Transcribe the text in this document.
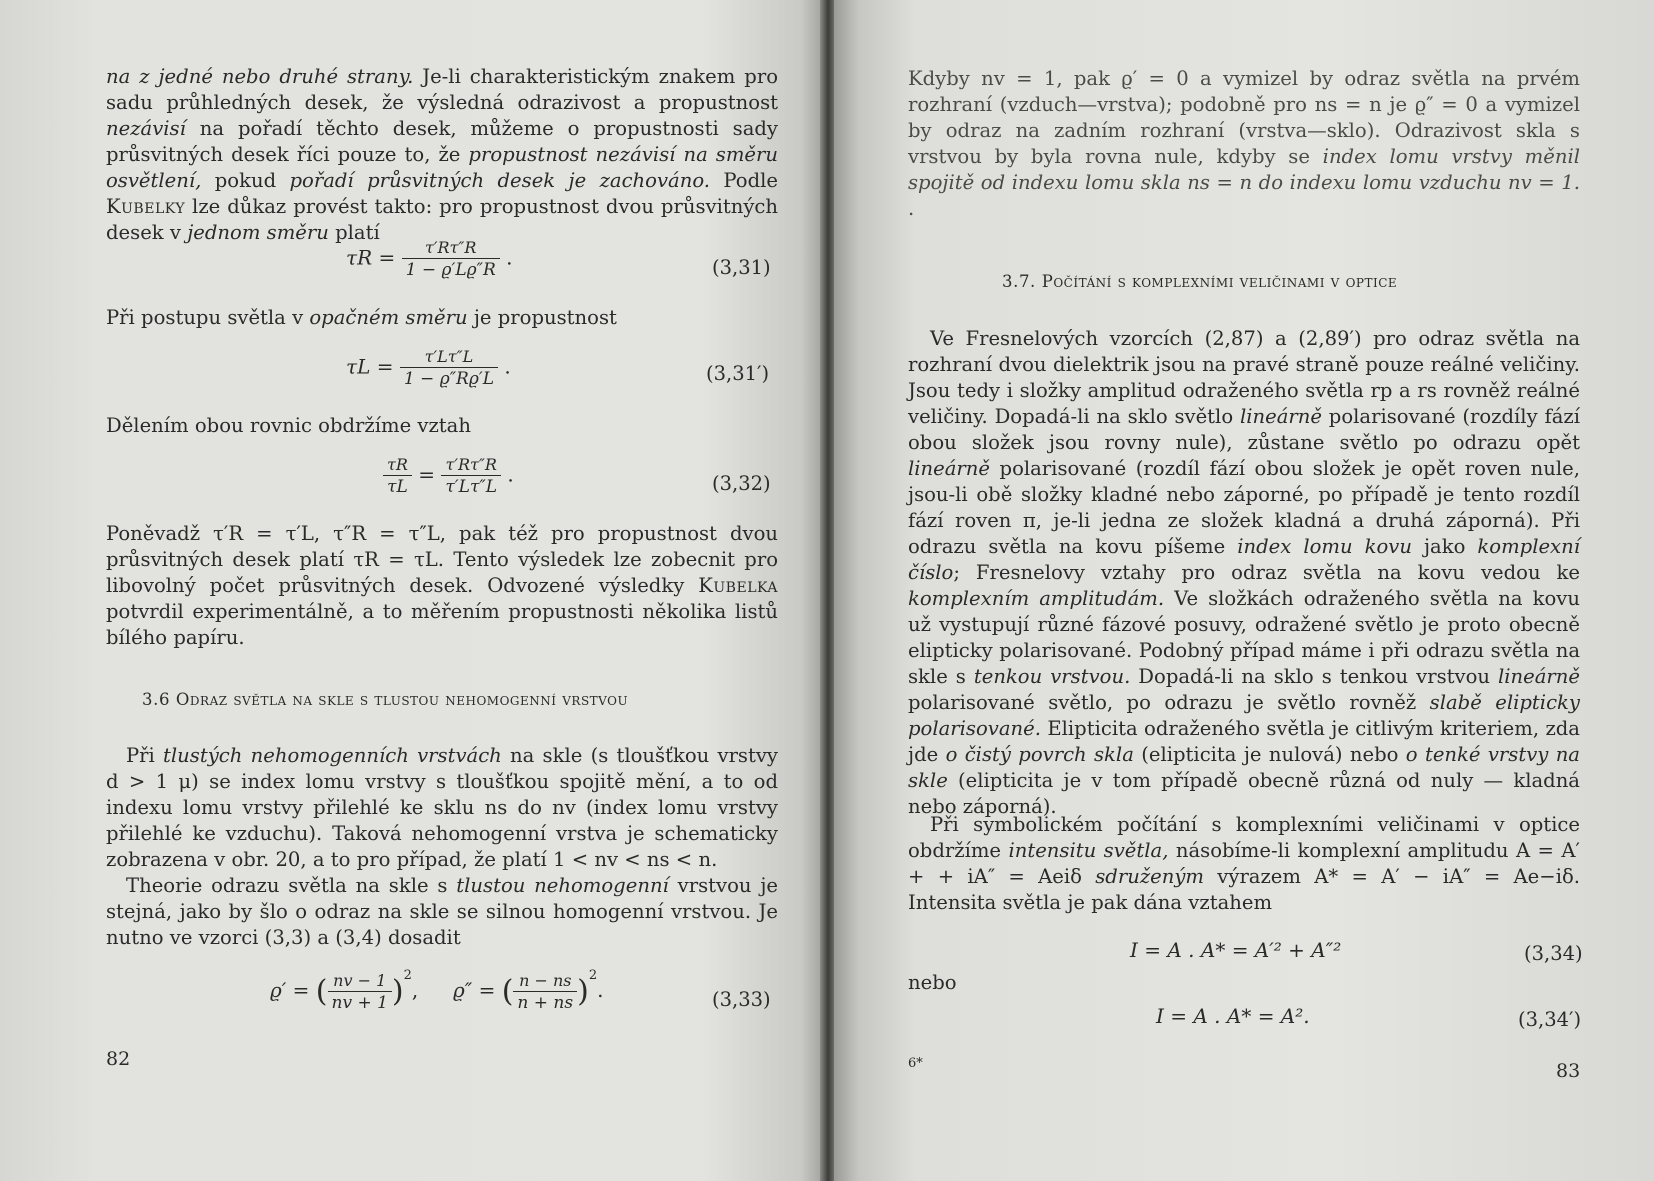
na z jedné nebo druhé strany. Je-li charakteristickým znakem pro sadu průhledných desek, že výsledná odrazivost a propustnost nezávisí na pořadí těchto desek, můžeme o propustnosti sady průsvitných desek říci pouze to, že propustnost nezávisí na směru osvětlení, pokud pořadí průsvitných desek je zachováno. Podle Kubelky lze důkaz provést takto: pro propustnost dvou průsvitných desek v jednom směru platí

$\tau R = \frac{\tau'R\tau''R}{1 - ϱ'Lϱ''R}$ .	(3,31)

Při postupu světla v opačném směru je propustnost

$\tau L = \frac{\tau'L\tau''L}{1 - ϱ''Rϱ'L}$ .	(3,31′)

Dělením obou rovnic obdržíme vztah

$\frac{\tau R}{\tau L} = \frac{\tau'R\tau''R}{\tau'L\tau''L}$ .	(3,32)

Poněvadž τ′R = τ′L, τ″R = τ″L, pak též pro propustnost dvou průsvitných desek platí τR = τL. Tento výsledek lze zobecnit pro libovolný počet průsvitných desek. Odvozené výsledky Kubelka potvrdil experimentálně, a to měřením propustnosti několika listů bílého papíru.

3.6 Odraz světla na skle s tlustou nehomogenní vrstvou

Při tlustých nehomogenních vrstvách na skle (s tloušťkou vrstvy d > 1 μ) se index lomu vrstvy s tloušťkou spojitě mění, a to od indexu lomu vrstvy přilehlé ke sklu ns do nv (index lomu vrstvy přilehlé ke vzduchu). Taková nehomogenní vrstva je schematicky zobrazena v obr. 20, a to pro případ, že platí 1 < nv < ns < n.

Theorie odrazu světla na skle s tlustou nehomogenní vrstvou je stejná, jako by šlo o odraz na skle se silnou homogenní vrstvou. Je nutno ve vzorci (3,3) a (3,4) dosadit

ϱ′ = ( $\frac{nv - 1}{nv + 1} )^2$, ϱ″ = ( $\frac{n - ns}{n + ns} )^2$.	(3,33)
82

Kdyby nv = 1, pak ϱ′ = 0 a vymizel by odraz světla na prvém rozhraní (vzduch—vrstva); podobně pro ns = n je ϱ″ = 0 a vymizel by odraz na zadním rozhraní (vrstva—sklo). Odrazivost skla s vrstvou by byla rovna nule, kdyby se index lomu vrstvy měnil spojitě od indexu lomu skla ns = n do indexu lomu vzduchu nv = 1. .

3.7. Počítání s komplexními veličinami v optice

Ve Fresnelových vzorcích (2,87) a (2,89′) pro odraz světla na rozhraní dvou dielektrik jsou na pravé straně pouze reálné veličiny. Jsou tedy i složky amplitud odraženého světla rp a rs rovněž reálné veličiny. Dopadá-li na sklo světlo lineárně polarisované (rozdíly fází obou složek jsou rovny nule), zůstane světlo po odrazu opět lineárně polarisované (rozdíl fází obou složek je opět roven nule, jsou-li obě složky kladné nebo záporné, po případě je tento rozdíl fází roven π, je-li jedna ze složek kladná a druhá záporná). Při odrazu světla na kovu píšeme index lomu kovu jako komplexní číslo; Fresnelovy vztahy pro odraz světla na kovu vedou ke komplexním amplitudám. Ve složkách odraženého světla na kovu už vystupují různé fázové posuvy, odražené světlo je proto obecně elipticky polarisované. Podobný případ máme i při odrazu světla na skle s tenkou vrstvou. Dopadá-li na sklo s tenkou vrstvou lineárně polarisované světlo, po odrazu je světlo rovněž slabě elipticky polarisované. Elipticita odraženého světla je citlivým kriteriem, zda jde o čistý povrch skla (elipticita je nulová) nebo o tenké vrstvy na skle (elipticita je v tom případě obecně různá od nuly — kladná nebo záporná).

Při symbolickém počítání s komplexními veličinami v optice obdržíme intensitu světla, násobíme-li komplexní amplitudu A = A′ + + iA″ = Aeiδ sdruženým výrazem A* = A′ − iA″ = Ae−iδ. Intensita světla je pak dána vztahem

I = A . A* = A′² + A″²	(3,34)
nebo
I = A . A* = A².	(3,34′)
6*	83
